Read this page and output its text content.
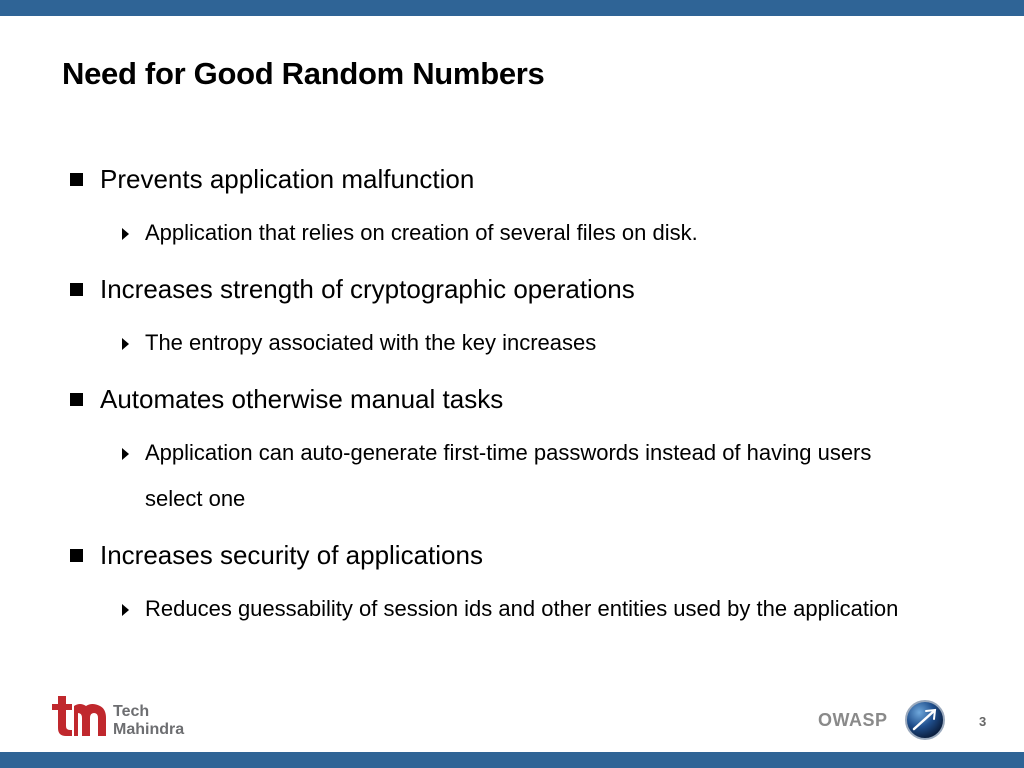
Need for Good Random Numbers
Prevents application malfunction
Application that relies on creation of several files on disk.
Increases strength of cryptographic operations
The entropy associated with the key increases
Automates otherwise manual tasks
Application can auto-generate first-time passwords instead of having users select one
Increases security of applications
Reduces guessability of session ids and other entities used by the application
Tech
Mahindra	OWASP	3
